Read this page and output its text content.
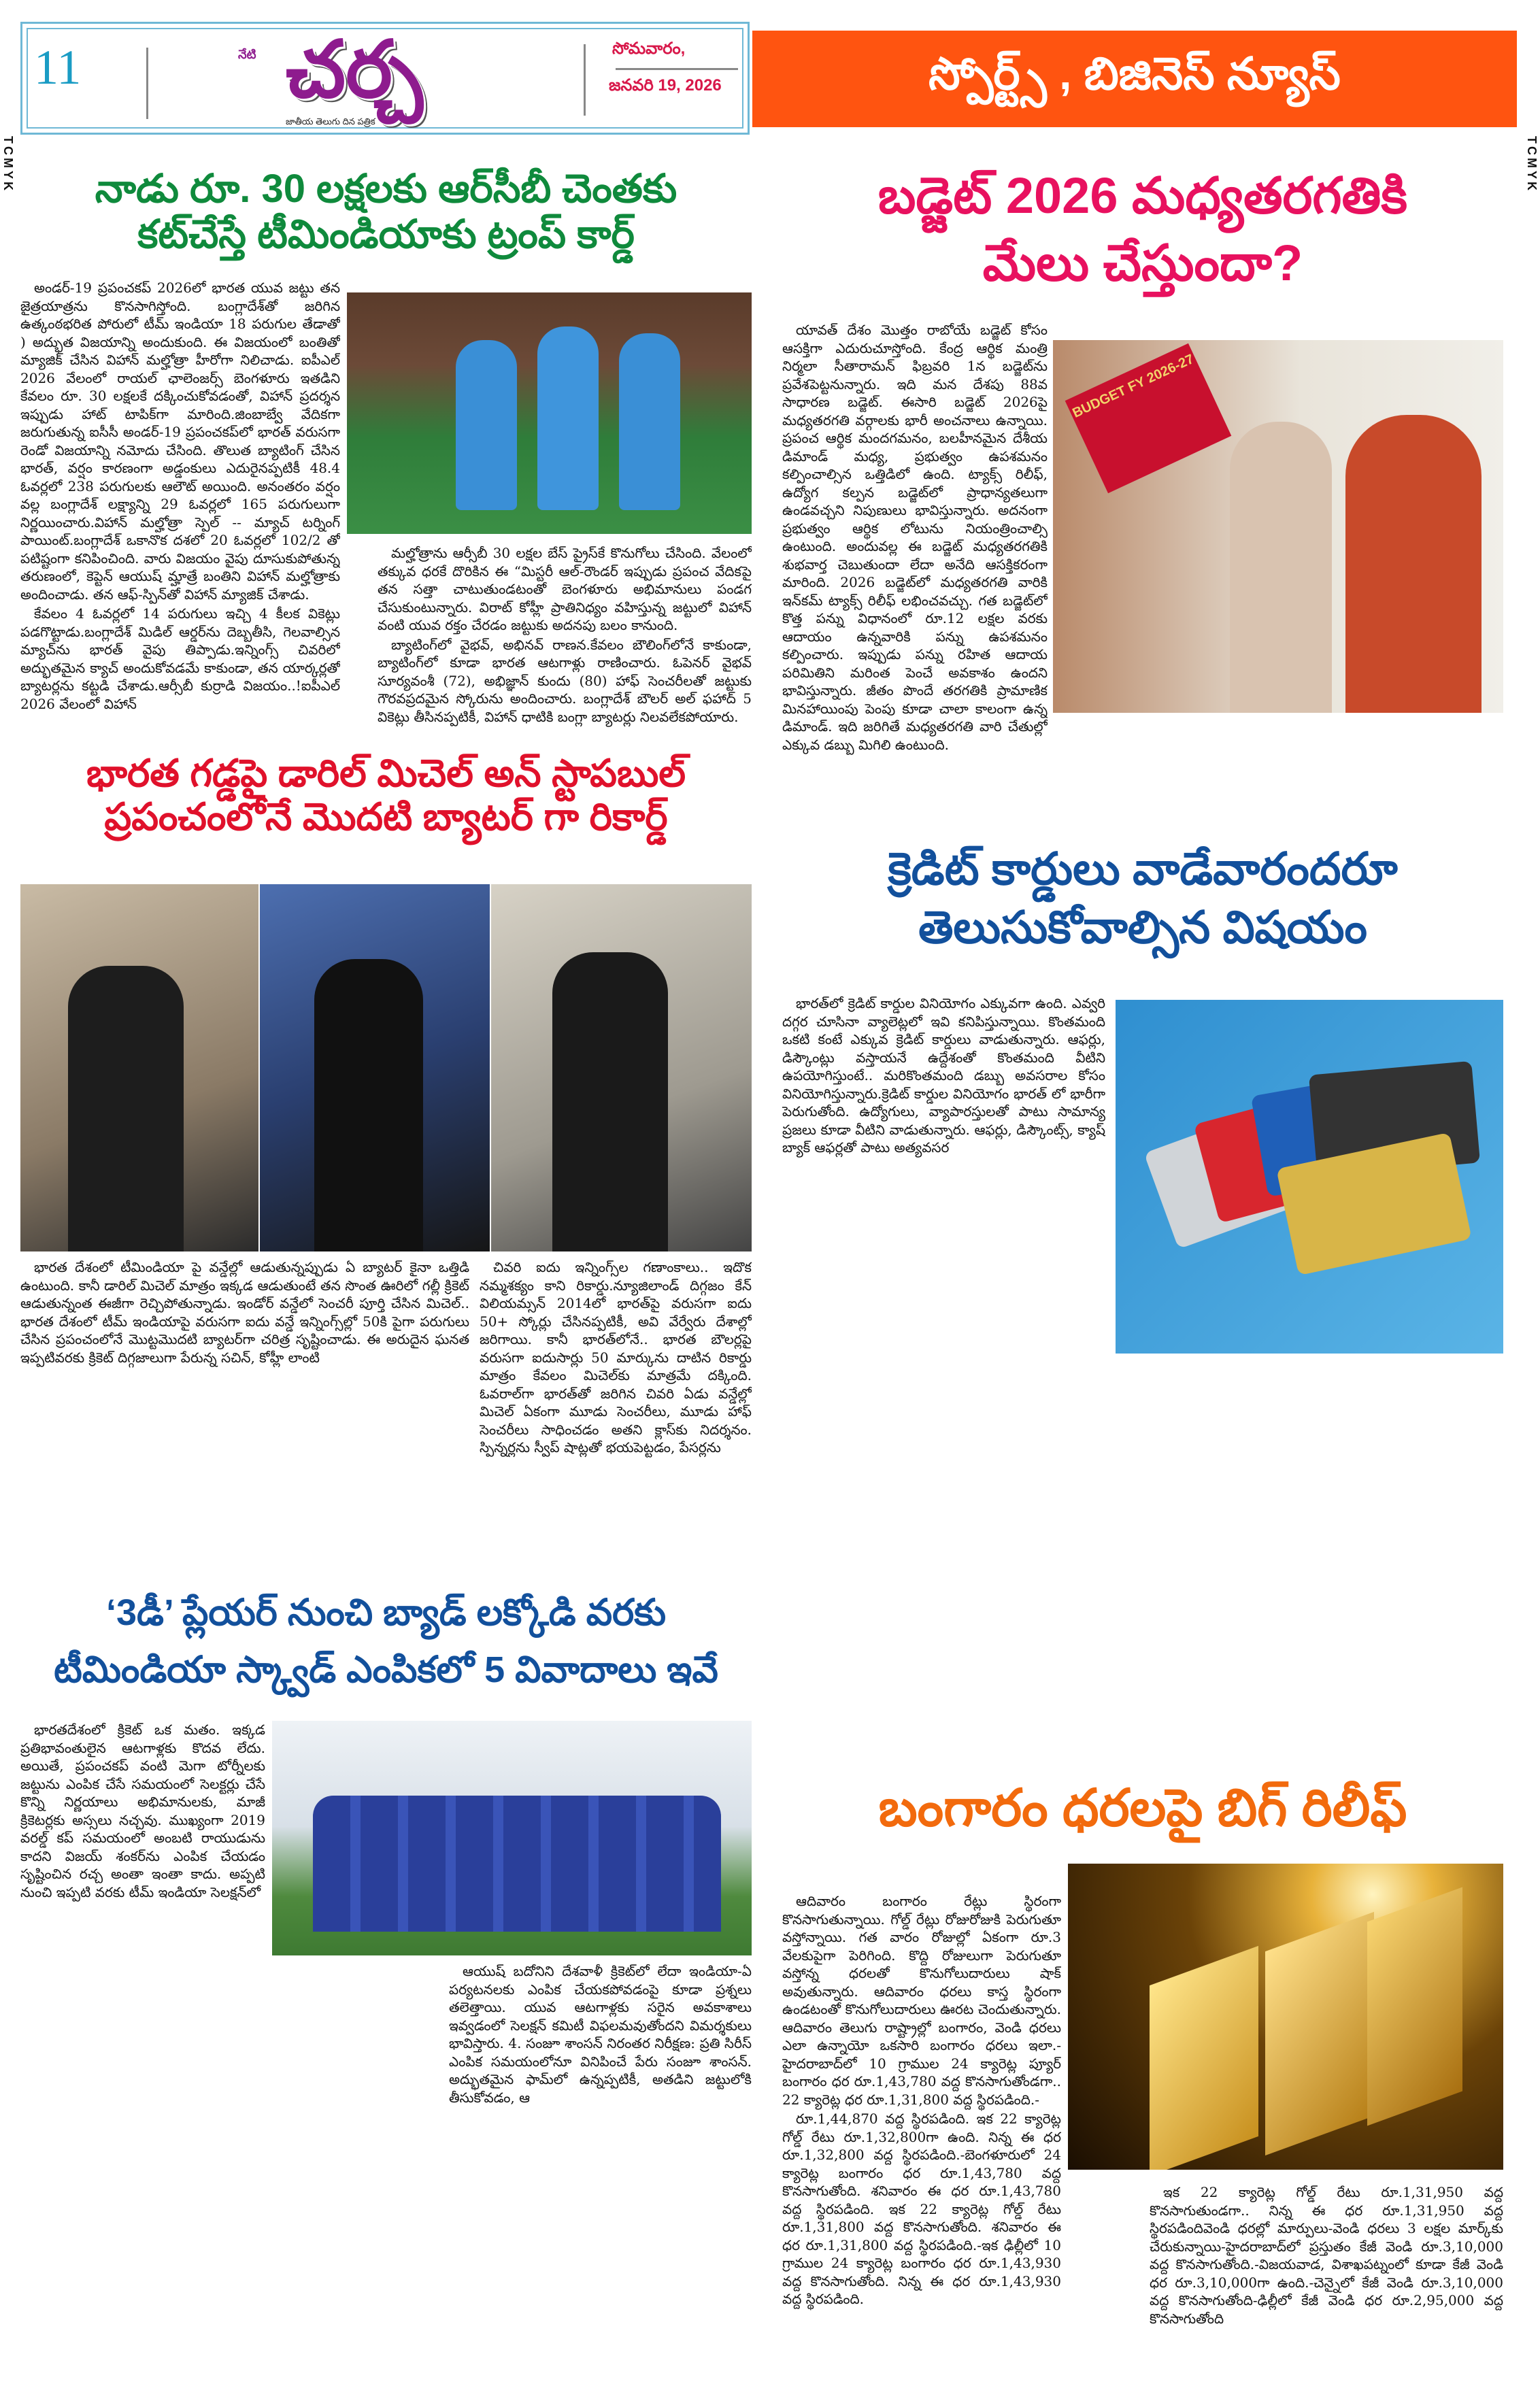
TCMYK	TCMYK
11	నేటి చర్చ
జాతీయ తెలుగు దిన పత్రిక
సోమవారం,
జనవరి 19, 2026	స్పోర్ట్స్ , బిజినెస్ న్యూస్
నాడు రూ. 30 లక్షలకు ఆర్‌సీబీ చెంతకు
కట్‌చేస్తే టీమిండియాకు ట్రంప్ కార్డ్

అండర్-19 ప్రపంచకప్ 2026లో భారత యువ జట్టు తన జైత్రయాత్రను కొనసాగిస్తోంది. బంగ్లాదేశ్‌తో జరిగిన ఉత్కంఠభరిత పోరులో టీమ్ ఇండియా 18 పరుగుల తేడాతో ) అద్భుత విజయాన్ని అందుకుంది. ఈ విజయంలో బంతితో మ్యాజిక్ చేసిన విహాన్ మల్హోత్రా హీరోగా నిలిచాడు. ఐపీఎల్ 2026 వేలంలో రాయల్ ఛాలెంజర్స్ బెంగళూరు ఇతడిని కేవలం రూ. 30 లక్షలకే దక్కించుకోవడంతో, విహాన్ ప్రదర్శన ఇప్పుడు హాట్ టాపిక్‌గా మారింది.జింబాబ్వే వేదికగా జరుగుతున్న ఐసీసీ అండర్-19 ప్రపంచకప్‌లో భారత్ వరుసగా రెండో విజయాన్ని నమోదు చేసింది. తొలుత బ్యాటింగ్ చేసిన భారత్, వర్షం కారణంగా అడ్డంకులు ఎదురైనప్పటికీ 48.4 ఓవర్లలో 238 పరుగులకు ఆలౌట్ అయింది. అనంతరం వర్షం వల్ల బంగ్లాదేశ్ లక్ష్యాన్ని 29 ఓవర్లలో 165 పరుగులుగా నిర్ణయించారు.విహాన్ మల్హోత్రా స్పెల్ -- మ్యాచ్ టర్నింగ్ పాయింట్.బంగ్లాదేశ్ ఒకానొక దశలో 20 ఓవర్లలో 102/2 తో పటిష్టంగా కనిపించింది. వారు విజయం వైపు దూసుకుపోతున్న తరుణంలో, కెప్టెన్ ఆయుష్ మ్హాత్రే బంతిని విహాన్ మల్హోత్రాకు అందించాడు. తన ఆఫ్-స్పిన్‌తో విహాన్ మ్యాజిక్ చేశాడు.

కేవలం 4 ఓవర్లలో 14 పరుగులు ఇచ్చి 4 కీలక వికెట్లు పడగొట్టాడు.బంగ్లాదేశ్ మిడిల్ ఆర్డర్‌ను దెబ్బతీసి, గెలవాల్సిన మ్యాచ్‌ను భారత్ వైపు తిప్పాడు.ఇన్నింగ్స్ చివరిలో అద్భుతమైన క్యాచ్ అందుకోవడమే కాకుండా, తన యార్కర్లతో బ్యాటర్లను కట్టడి చేశాడు.ఆర్సీబీ కుర్రాడి విజయం..!ఐపీఎల్ 2026 వేలంలో విహాన్

మల్హోత్రాను ఆర్సీబీ 30 లక్షల బేస్ ప్రైస్‌కే కొనుగోలు చేసింది. వేలంలో తక్కువ ధరకే దొరికిన ఈ “మిస్టరీ ఆల్-రౌండర్ ఇప్పుడు ప్రపంచ వేదికపై తన సత్తా చాటుతుండటంతో బెంగళూరు అభిమానులు పండగ చేసుకుంటున్నారు. విరాట్ కోహ్లీ ప్రాతినిధ్యం వహిస్తున్న జట్టులో విహాన్ వంటి యువ రక్తం చేరడం జట్టుకు అదనపు బలం కానుంది.

బ్యాటింగ్‌లో వైభవ్, అభినవ్ రాణన.కేవలం బౌలింగ్‌లోనే కాకుండా, బ్యాటింగ్‌లో కూడా భారత ఆటగాళ్లు రాణించారు. ఓపెనర్ వైభవ్ సూర్యవంశీ (72), అభిజ్ఞాన్ కుందు (80) హాఫ్ సెంచరీలతో జట్టుకు గౌరవప్రదమైన స్కోరును అందించారు. బంగ్లాదేశ్ బౌలర్ అల్ ఫహాద్ 5 వికెట్లు తీసినప్పటికీ, విహాన్ ధాటికి బంగ్లా బ్యాటర్లు నిలవలేకపోయారు.

భారత గడ్డపై డారిల్ మిచెల్ అన్ స్టాపబుల్
ప్రపంచంలోనే మొదటి బ్యాటర్ గా రికార్డ్

భారత దేశంలో టీమిండియా పై వన్డేల్లో ఆడుతున్నప్పుడు ఏ బ్యాటర్ కైనా ఒత్తిడి ఉంటుంది. కానీ డారిల్ మిచెల్ మాత్రం ఇక్కడ ఆడుతుంటే తన సొంత ఊరిలో గల్లీ క్రికెట్ ఆడుతున్నంత ఈజీగా రెచ్చిపోతున్నాడు. ఇండోర్ వన్డేలో సెంచరీ పూర్తి చేసిన మిచెల్.. భారత దేశంలో టీమ్ ఇండియాపై వరుసగా ఐదు వన్డే ఇన్నింగ్స్‌ల్లో 50కి పైగా పరుగులు చేసిన ప్రపంచంలోనే మొట్టమొదటి బ్యాటర్‌గా చరిత్ర సృష్టించాడు. ఈ అరుదైన ఘనత ఇప్పటివరకు క్రికెట్ దిగ్గజాలుగా పేరున్న సచిన్, కోహ్లీ లాంటి

చివరి ఐదు ఇన్నింగ్స్‌ల గణాంకాలు.. ఇదొక నమ్మశక్యం కాని రికార్డు.న్యూజిలాండ్ దిగ్గజం కేన్ విలియమ్సన్ 2014లో భారత్‌పై వరుసగా ఐదు 50+ స్కోర్లు చేసినప్పటికీ, అవి వేర్వేరు దేశాల్లో జరిగాయి. కానీ భారత్‌లోనే.. భారత బౌలర్లపై వరుసగా ఐదుసార్లు 50 మార్కును దాటిన రికార్డు మాత్రం కేవలం మిచెల్‌కు మాత్రమే దక్కింది. ఓవరాల్‌గా భారత్‌తో జరిగిన చివరి ఏడు వన్డేల్లో మిచెల్ ఏకంగా మూడు సెంచరీలు, మూడు హాఫ్ సెంచరీలు సాధించడం అతని క్లాస్‌కు నిదర్శనం. స్పిన్నర్లను స్వీప్ షాట్లతో భయపెట్టడం, పేసర్లను

‘3డీ’ ప్లేయర్ నుంచి బ్యాడ్ లక్కోడి వరకు
టీమిండియా స్క్వాడ్ ఎంపికలో 5 వివాదాలు ఇవే

భారతదేశంలో క్రికెట్ ఒక మతం. ఇక్కడ ప్రతిభావంతులైన ఆటగాళ్లకు కొదవ లేదు. అయితే, ప్రపంచకప్ వంటి మెగా టోర్నీలకు జట్టును ఎంపిక చేసే సమయంలో సెలక్టర్లు చేసే కొన్ని నిర్ణయాలు అభిమానులకు, మాజీ క్రికెటర్లకు అస్సలు నచ్చవు. ముఖ్యంగా 2019 వరల్డ్ కప్ సమయంలో అంబటి రాయుడును కాదని విజయ్ శంకర్‌ను ఎంపిక చేయడం సృష్టించిన రచ్చ అంతా ఇంతా కాదు. అప్పటి నుంచి ఇప్పటి వరకు టీమ్ ఇండియా సెలక్షన్‌లో

ఆయుష్ బదోనిని దేశవాళీ క్రికెట్‌లో లేదా ఇండియా-ఏ పర్యటనలకు ఎంపిక చేయకపోవడంపై కూడా ప్రశ్నలు తలెత్తాయి. యువ ఆటగాళ్లకు సరైన అవకాశాలు ఇవ్వడంలో సెలక్షన్ కమిటీ విఫలమవుతోందని విమర్శకులు భావిస్తారు. 4. సంజూ శాంసన్ నిరంతర నిరీక్షణ: ప్రతి సిరీస్ ఎంపిక సమయంలోనూ వినిపించే పేరు సంజూ శాంసన్. అద్భుతమైన ఫామ్‌లో ఉన్నప్పటికీ, అతడిని జట్టులోకి తీసుకోవడం, ఆ

బడ్జెట్ 2026 మధ్యతరగతికి
మేలు చేస్తుందా?

యావత్ దేశం మొత్తం రాబోయే బడ్జెట్ కోసం ఆసక్తిగా ఎదురుచూస్తోంది. కేంద్ర ఆర్థిక మంత్రి నిర్మలా సీతారామన్ ఫిబ్రవరి 1న బడ్జెట్‌ను ప్రవేశపెట్టనున్నారు. ఇది మన దేశపు 88వ సాధారణ బడ్జెట్. ఈసారి బడ్జెట్ 2026పై మధ్యతరగతి వర్గాలకు భారీ అంచనాలు ఉన్నాయి. ప్రపంచ ఆర్థిక మందగమనం, బలహీనమైన దేశీయ డిమాండ్ మధ్య, ప్రభుత్వం ఉపశమనం కల్పించాల్సిన ఒత్తిడిలో ఉంది. ట్యాక్స్ రిలీఫ్, ఉద్యోగ కల్పన బడ్జెట్‌లో ప్రాధాన్యతలుగా ఉండవచ్చని నిపుణులు భావిస్తున్నారు. అదనంగా ప్రభుత్వం ఆర్థిక లోటును నియంత్రించాల్సి ఉంటుంది. అందువల్ల ఈ బడ్జెట్ మధ్యతరగతికి శుభవార్త చెబుతుందా లేదా అనేది ఆసక్తికరంగా మారింది. 2026 బడ్జెట్‌లో మధ్యతరగతి వారికి ఇన్‌కమ్ ట్యాక్స్ రిలీఫ్ లభించవచ్చు. గత బడ్జెట్‌లో కొత్త పన్ను విధానంలో రూ.12 లక్షల వరకు ఆదాయం ఉన్నవారికి పన్ను ఉపశమనం కల్పించారు. ఇప్పుడు పన్ను రహిత ఆదాయ పరిమితిని మరింత పెంచే అవకాశం ఉందని భావిస్తున్నారు. జీతం పొందే తరగతికి ప్రామాణిక మినహాయింపు పెంపు కూడా చాలా కాలంగా ఉన్న డిమాండ్. ఇది జరిగితే మధ్యతరగతి వారి చేతుల్లో ఎక్కువ డబ్బు మిగిలి ఉంటుంది.

BUDGET FY 2026-27
క్రెడిట్ కార్డులు వాడేవారందరూ
తెలుసుకోవాల్సిన విషయం

భారత్‌లో క్రెడిట్ కార్డుల వినియోగం ఎక్కువగా ఉంది. ఎవ్వరి దగ్గర చూసినా వ్యాలెట్లలో ఇవి కనిపిస్తున్నాయి. కొంతమంది ఒకటి కంటే ఎక్కువ క్రెడిట్ కార్డులు వాడుతున్నారు. ఆఫర్లు, డిస్కౌంట్లు వస్తాయనే ఉద్దేశంతో కొంతమంది వీటిని ఉపయోగిస్తుంటే.. మరికొంతమంది డబ్బు అవసరాల కోసం వినియోగిస్తున్నారు.క్రెడిట్ కార్డుల వినియోగం భారత్ లో భారీగా పెరుగుతోంది. ఉద్యోగులు, వ్యాపారస్తులతో పాటు సామాన్య ప్రజలు కూడా వీటిని వాడుతున్నారు. ఆఫర్లు, డిస్కౌంట్స్, క్యాష్ బ్యాక్ ఆఫర్లతో పాటు అత్యవసర

బంగారం ధరలపై బిగ్ రిలీఫ్

ఆదివారం బంగారం రేట్లు స్థిరంగా కొనసాగుతున్నాయి. గోల్డ్ రేట్లు రోజురోజుకి పెరుగుతూ వస్తోన్నాయి. గత వారం రోజుల్లో ఏకంగా రూ.3 వేలకుపైగా పెరిగింది. కొద్ది రోజులుగా పెరుగుతూ వస్తోన్న ధరలతో కొనుగోలుదారులు షాక్ అవుతున్నారు. ఆదివారం ధరలు కాస్త స్థిరంగా ఉండటంతో కొనుగోలుదారులు ఊరట చెందుతున్నారు. ఆదివారం తెలుగు రాష్ట్రాల్లో బంగారం, వెండి ధరలు ఎలా ఉన్నాయో ఒకసారి బంగారం ధరలు ఇలా.-హైదరాబాద్‌లో 10 గ్రాముల 24 క్యారెట్ల ప్యూర్ బంగారం ధర రూ.1,43,780 వద్ద కొనసాగుతోండగా.. 22 క్యారెట్ల ధర రూ.1,31,800 వద్ద స్థిరపడింది.-

రూ.1,44,870 వద్ద స్థిరపడింది. ఇక 22 క్యారెట్ల గోల్డ్ రేటు రూ.1,32,800గా ఉంది. నిన్న ఈ ధర రూ.1,32,800 వద్ద స్థిరపడింది.-బెంగళూరులో 24 క్యారెట్ల బంగారం ధర రూ.1,43,780 వద్ద కొనసాగుతోంది. శనివారం ఈ ధర రూ.1,43,780 వద్ద స్థిరపడింది. ఇక 22 క్యారెట్ల గోల్డ్ రేటు రూ.1,31,800 వద్ద కొనసాగుతోంది. శనివారం ఈ ధర రూ.1,31,800 వద్ద స్థిరపడింది.-ఇక ఢిల్లీలో 10 గ్రాముల 24 క్యారెట్ల బంగారం ధర రూ.1,43,930 వద్ద కొనసాగుతోంది. నిన్న ఈ ధర రూ.1,43,930 వద్ద స్థిరపడింది.

ఇక 22 క్యారెట్ల గోల్డ్ రేటు రూ.1,31,950 వద్ద కొనసాగుతుండగా.. నిన్న ఈ ధర రూ.1,31,950 వద్ద స్థిరపడిందివెండి ధరల్లో మార్పులు-వెండి ధరలు 3 లక్షల మార్క్‌కు చేరుకున్నాయి-హైదరాబాద్‌లో ప్రస్తుతం కేజీ వెండి రూ.3,10,000 వద్ద కొనసాగుతోంది.-విజయవాడ, విశాఖపట్నంలో కూడా కేజీ వెండి ధర రూ.3,10,000గా ఉంది.-చెన్నైలో కేజీ వెండి రూ.3,10,000 వద్ద కొనసాగుతోంది-ఢిల్లీలో కేజీ వెండి ధర రూ.2,95,000 వద్ద కొనసాగుతోంది
